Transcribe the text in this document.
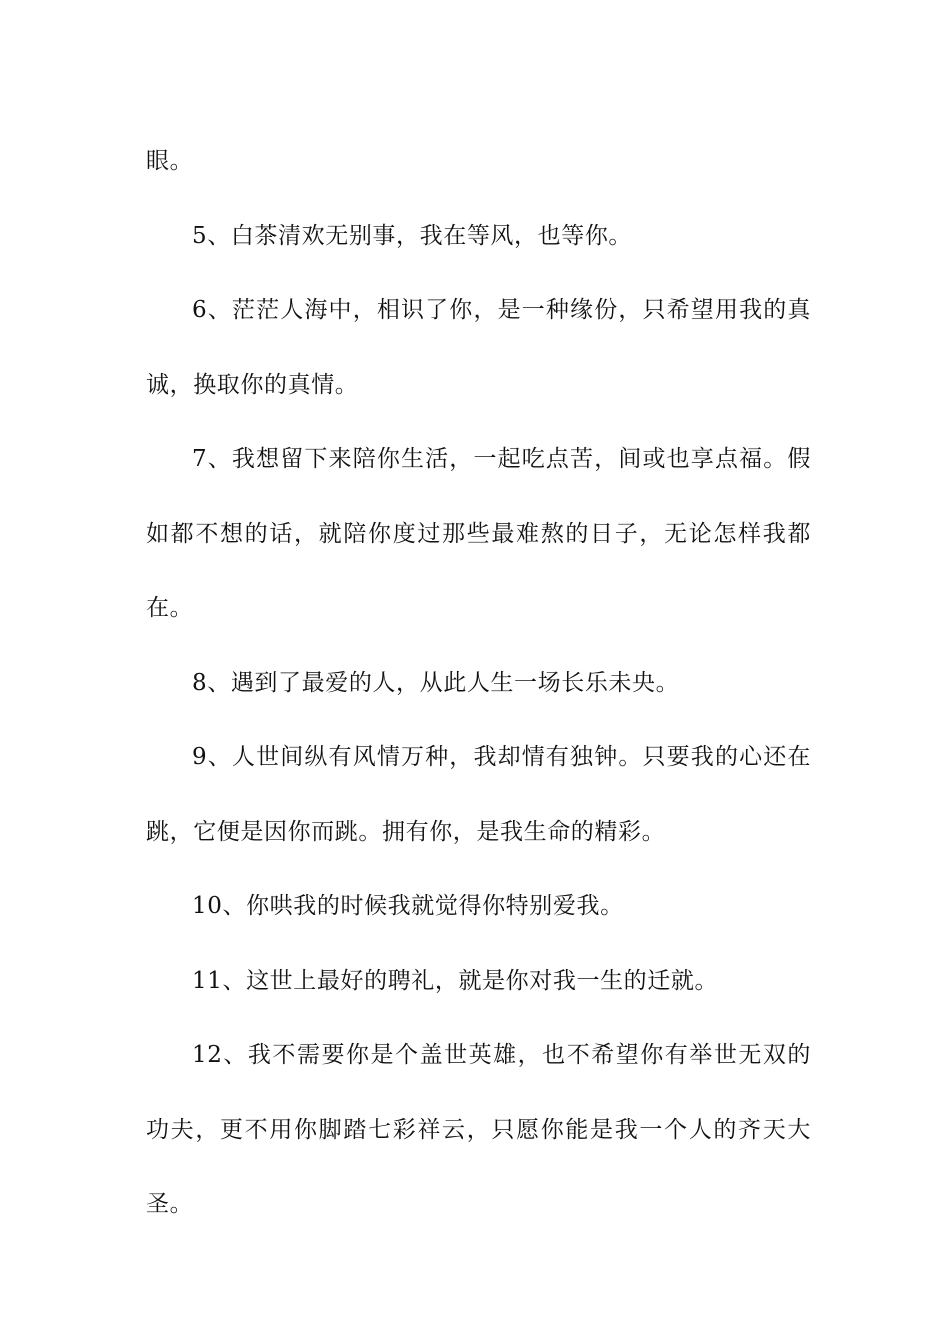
眼。

5、白茶清欢无别事，我在等风，也等你。

6、茫茫人海中，相识了你，是一种缘份，只希望用我的真诚，换取你的真情。

7、我想留下来陪你生活，一起吃点苦，间或也享点福。假如都不想的话，就陪你度过那些最难熬的日子，无论怎样我都在。

8、遇到了最爱的人，从此人生一场长乐未央。

9、人世间纵有风情万种，我却情有独钟。只要我的心还在跳，它便是因你而跳。拥有你，是我生命的精彩。

10、你哄我的时候我就觉得你特别爱我。

11、这世上最好的聘礼，就是你对我一生的迁就。

12、我不需要你是个盖世英雄，也不希望你有举世无双的功夫，更不用你脚踏七彩祥云，只愿你能是我一个人的齐天大圣。
